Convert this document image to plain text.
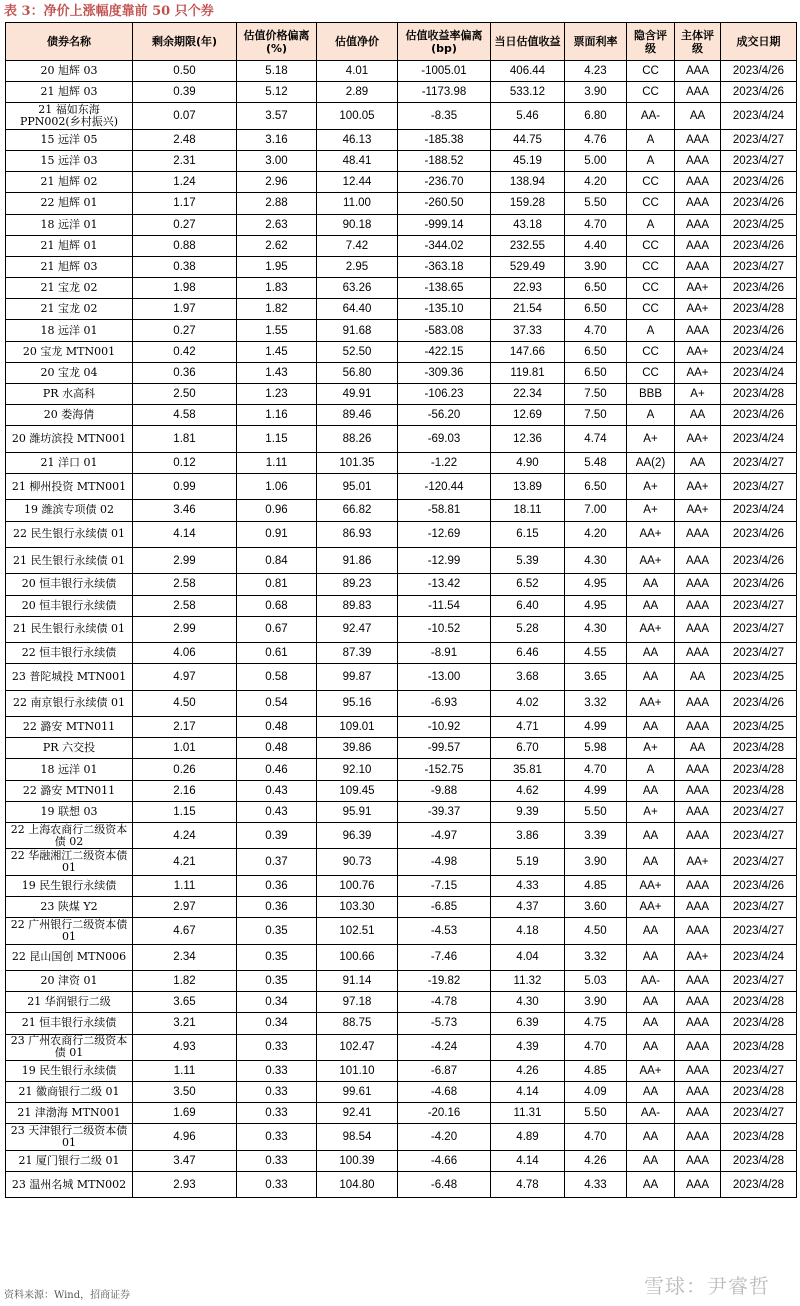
表 3：净价上涨幅度靠前 50 只个券
债券名称	剩余期限(年)	估值价格偏离(%)	估值净价	估值收益率偏离(bp)	当日估值收益	票面利率	隐含评级	主体评级	成交日期
20 旭辉 03	0.50	5.18	4.01	-1005.01	406.44	4.23	CC	AAA	2023/4/26
21 旭辉 03	0.39	5.12	2.89	-1173.98	533.12	3.90	CC	AAA	2023/4/26
21 福如东海 PPN002(乡村振兴)	0.07	3.57	100.05	-8.35	5.46	6.80	AA-	AA	2023/4/24
15 远洋 05	2.48	3.16	46.13	-185.38	44.75	4.76	A	AAA	2023/4/27
15 远洋 03	2.31	3.00	48.41	-188.52	45.19	5.00	A	AAA	2023/4/27
21 旭辉 02	1.24	2.96	12.44	-236.70	138.94	4.20	CC	AAA	2023/4/26
22 旭辉 01	1.17	2.88	11.00	-260.50	159.28	5.50	CC	AAA	2023/4/26
18 远洋 01	0.27	2.63	90.18	-999.14	43.18	4.70	A	AAA	2023/4/25
21 旭辉 01	0.88	2.62	7.42	-344.02	232.55	4.40	CC	AAA	2023/4/26
21 旭辉 03	0.38	1.95	2.95	-363.18	529.49	3.90	CC	AAA	2023/4/27
21 宝龙 02	1.98	1.83	63.26	-138.65	22.93	6.50	CC	AA+	2023/4/26
21 宝龙 02	1.97	1.82	64.40	-135.10	21.54	6.50	CC	AA+	2023/4/28
18 远洋 01	0.27	1.55	91.68	-583.08	37.33	4.70	A	AAA	2023/4/26
20 宝龙 MTN001	0.42	1.45	52.50	-422.15	147.66	6.50	CC	AA+	2023/4/24
20 宝龙 04	0.36	1.43	56.80	-309.36	119.81	6.50	CC	AA+	2023/4/24
PR 水高科	2.50	1.23	49.91	-106.23	22.34	7.50	BBB	A+	2023/4/28
20 娄海倩	4.58	1.16	89.46	-56.20	12.69	7.50	A	AA	2023/4/26
20 潍坊滨投 MTN001	1.81	1.15	88.26	-69.03	12.36	4.74	A+	AA+	2023/4/24
21 洋口 01	0.12	1.11	101.35	-1.22	4.90	5.48	AA(2)	AA	2023/4/27
21 柳州投资 MTN001	0.99	1.06	95.01	-120.44	13.89	6.50	A+	AA+	2023/4/27
19 潍滨专项债 02	3.46	0.96	66.82	-58.81	18.11	7.00	A+	AA+	2023/4/24
22 民生银行永续债 01	4.14	0.91	86.93	-12.69	6.15	4.20	AA+	AAA	2023/4/26
21 民生银行永续债 01	2.99	0.84	91.86	-12.99	5.39	4.30	AA+	AAA	2023/4/26
20 恒丰银行永续债	2.58	0.81	89.23	-13.42	6.52	4.95	AA	AAA	2023/4/26
20 恒丰银行永续债	2.58	0.68	89.83	-11.54	6.40	4.95	AA	AAA	2023/4/27
21 民生银行永续债 01	2.99	0.67	92.47	-10.52	5.28	4.30	AA+	AAA	2023/4/27
22 恒丰银行永续债	4.06	0.61	87.39	-8.91	6.46	4.55	AA	AAA	2023/4/27
23 普陀城投 MTN001	4.97	0.58	99.87	-13.00	3.68	3.65	AA	AA	2023/4/25
22 南京银行永续债 01	4.50	0.54	95.16	-6.93	4.02	3.32	AA+	AAA	2023/4/26
22 潞安 MTN011	2.17	0.48	109.01	-10.92	4.71	4.99	AA	AAA	2023/4/25
PR 六交投	1.01	0.48	39.86	-99.57	6.70	5.98	A+	AA	2023/4/28
18 远洋 01	0.26	0.46	92.10	-152.75	35.81	4.70	A	AAA	2023/4/28
22 潞安 MTN011	2.16	0.43	109.45	-9.88	4.62	4.99	AA	AAA	2023/4/28
19 联想 03	1.15	0.43	95.91	-39.37	9.39	5.50	A+	AAA	2023/4/27
22 上海农商行二级资本债 02	4.24	0.39	96.39	-4.97	3.86	3.39	AA	AAA	2023/4/27
22 华融湘江二级资本债 01	4.21	0.37	90.73	-4.98	5.19	3.90	AA	AA+	2023/4/27
19 民生银行永续债	1.11	0.36	100.76	-7.15	4.33	4.85	AA+	AAA	2023/4/26
23 陕煤 Y2	2.97	0.36	103.30	-6.85	4.37	3.60	AA+	AAA	2023/4/27
22 广州银行二级资本债 01	4.67	0.35	102.51	-4.53	4.18	4.50	AA	AAA	2023/4/27
22 昆山国创 MTN006	2.34	0.35	100.66	-7.46	4.04	3.32	AA	AA+	2023/4/24
20 津资 01	1.82	0.35	91.14	-19.82	11.32	5.03	AA-	AAA	2023/4/27
21 华润银行二级	3.65	0.34	97.18	-4.78	4.30	3.90	AA	AAA	2023/4/28
21 恒丰银行永续债	3.21	0.34	88.75	-5.73	6.39	4.75	AA	AAA	2023/4/28
23 广州农商行二级资本债 01	4.93	0.33	102.47	-4.24	4.39	4.70	AA	AAA	2023/4/28
19 民生银行永续债	1.11	0.33	101.10	-6.87	4.26	4.85	AA+	AAA	2023/4/27
21 徽商银行二级 01	3.50	0.33	99.61	-4.68	4.14	4.09	AA	AAA	2023/4/28
21 津渤海 MTN001	1.69	0.33	92.41	-20.16	11.31	5.50	AA-	AAA	2023/4/27
23 天津银行二级资本债 01	4.96	0.33	98.54	-4.20	4.89	4.70	AA	AAA	2023/4/28
21 厦门银行二级 01	3.47	0.33	100.39	-4.66	4.14	4.26	AA	AAA	2023/4/28
23 温州名城 MTN002	2.93	0.33	104.80	-6.48	4.78	4.33	AA	AAA	2023/4/28
资料来源：Wind，招商证券	雪球：尹睿哲
